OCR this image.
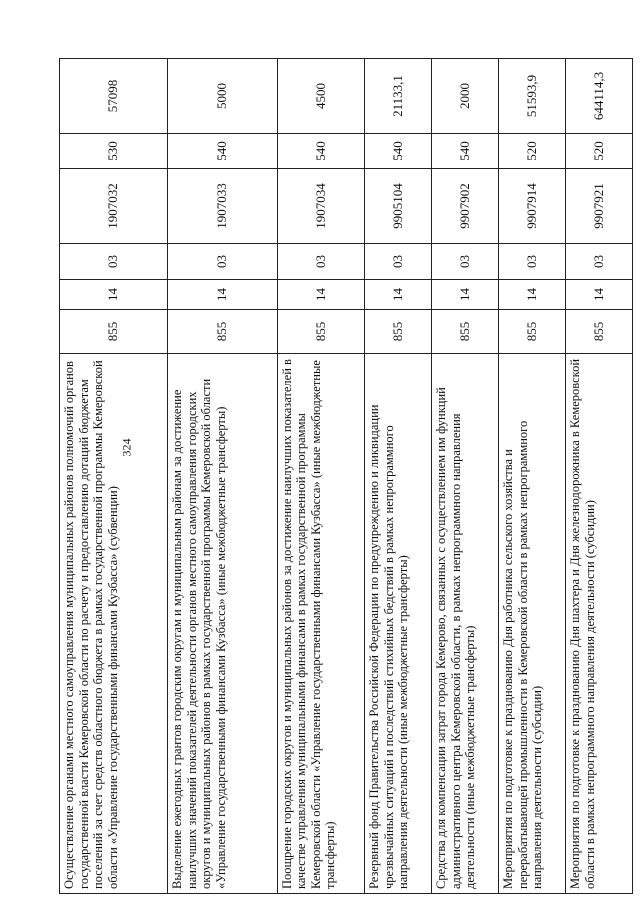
324
Осуществление органами местного самоуправления муниципальных районов полномочий органов государственной власти Кемеровской области по расчету и предоставлению дотаций бюджетам поселений за счет средств областного бюджета в рамках государственной программы Кемеровской области «Управление государственными финансами Кузбасса» (субвенции)	855	14	03	1907032	530	57098
Выделение ежегодных грантов городским округам и муниципальным районам за достижение наилучших значений показателей деятельности органов местного самоуправления городских округов и муниципальных районов в рамках государственной программы Кемеровской области «Управление государственными финансами Кузбасса» (иные межбюджетные трансферты)	855	14	03	1907033	540	5000
Поощрение городских округов и муниципальных районов за достижение наилучших показателей в качестве управления муниципальными финансами в рамках государственной программы Кемеровской области «Управление государственными финансами Кузбасса» (иные межбюджетные трансферты)	855	14	03	1907034	540	4500
Резервный фонд Правительства Российской Федерации по предупреждению и ликвидации чрезвычайных ситуаций и последствий стихийных бедствий в рамках непрограммного направления деятельности (иные межбюджетные трансферты)	855	14	03	9905104	540	21133,1
Средства для компенсации затрат города Кемерово, связанных с осуществлением им функций административного центра Кемеровской области, в рамках непрограммного направления деятельности (иные межбюджетные трансферты)	855	14	03	9907902	540	2000
Мероприятия по подготовке к празднованию Дня работника сельского хозяйства и перерабатывающей промышленности в Кемеровской области в рамках непрограммного направления деятельности (субсидии)	855	14	03	9907914	520	51593,9
Мероприятия по подготовке к празднованию Дня шахтера и Дня железнодорожника в Кемеровской области в рамках непрограммного направления деятельности (субсидии)	855	14	03	9907921	520	644114,3
